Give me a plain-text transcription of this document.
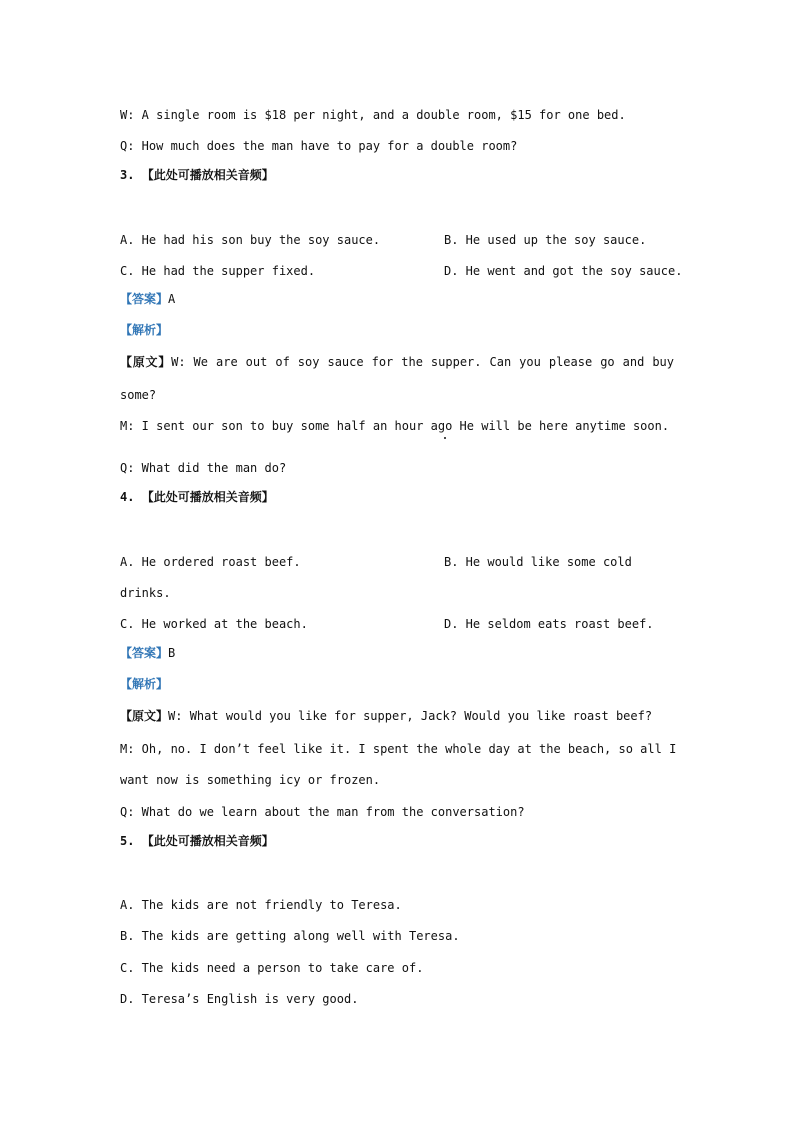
W: A single room is $18 per night, and a double room, $15 for one bed.
Q: How much does the man have to pay for a double room?
3. 【此处可播放相关音频】
A. He had his son buy the soy sauce.	B. He used up the soy sauce.
C. He had the supper fixed.	D. He went and got the soy sauce.
【答案】A
【解析】
【原文】W: We are out of soy sauce for the supper. Can you please go and buy
some?
M: I sent our son to buy some half an hour ago He will be here anytime soon.
Q: What did the man do?
4. 【此处可播放相关音频】
A. He ordered roast beef.	B. He would like some cold
drinks.
C. He worked at the beach.	D. He seldom eats roast beef.
【答案】B
【解析】
【原文】W: What would you like for supper, Jack? Would you like roast beef?
M: Oh, no. I don’t feel like it. I spent the whole day at the beach, so all I
want now is something icy or frozen.
Q: What do we learn about the man from the conversation?
5. 【此处可播放相关音频】
A. The kids are not friendly to Teresa.
B. The kids are getting along well with Teresa.
C. The kids need a person to take care of.
D. Teresa’s English is very good.
